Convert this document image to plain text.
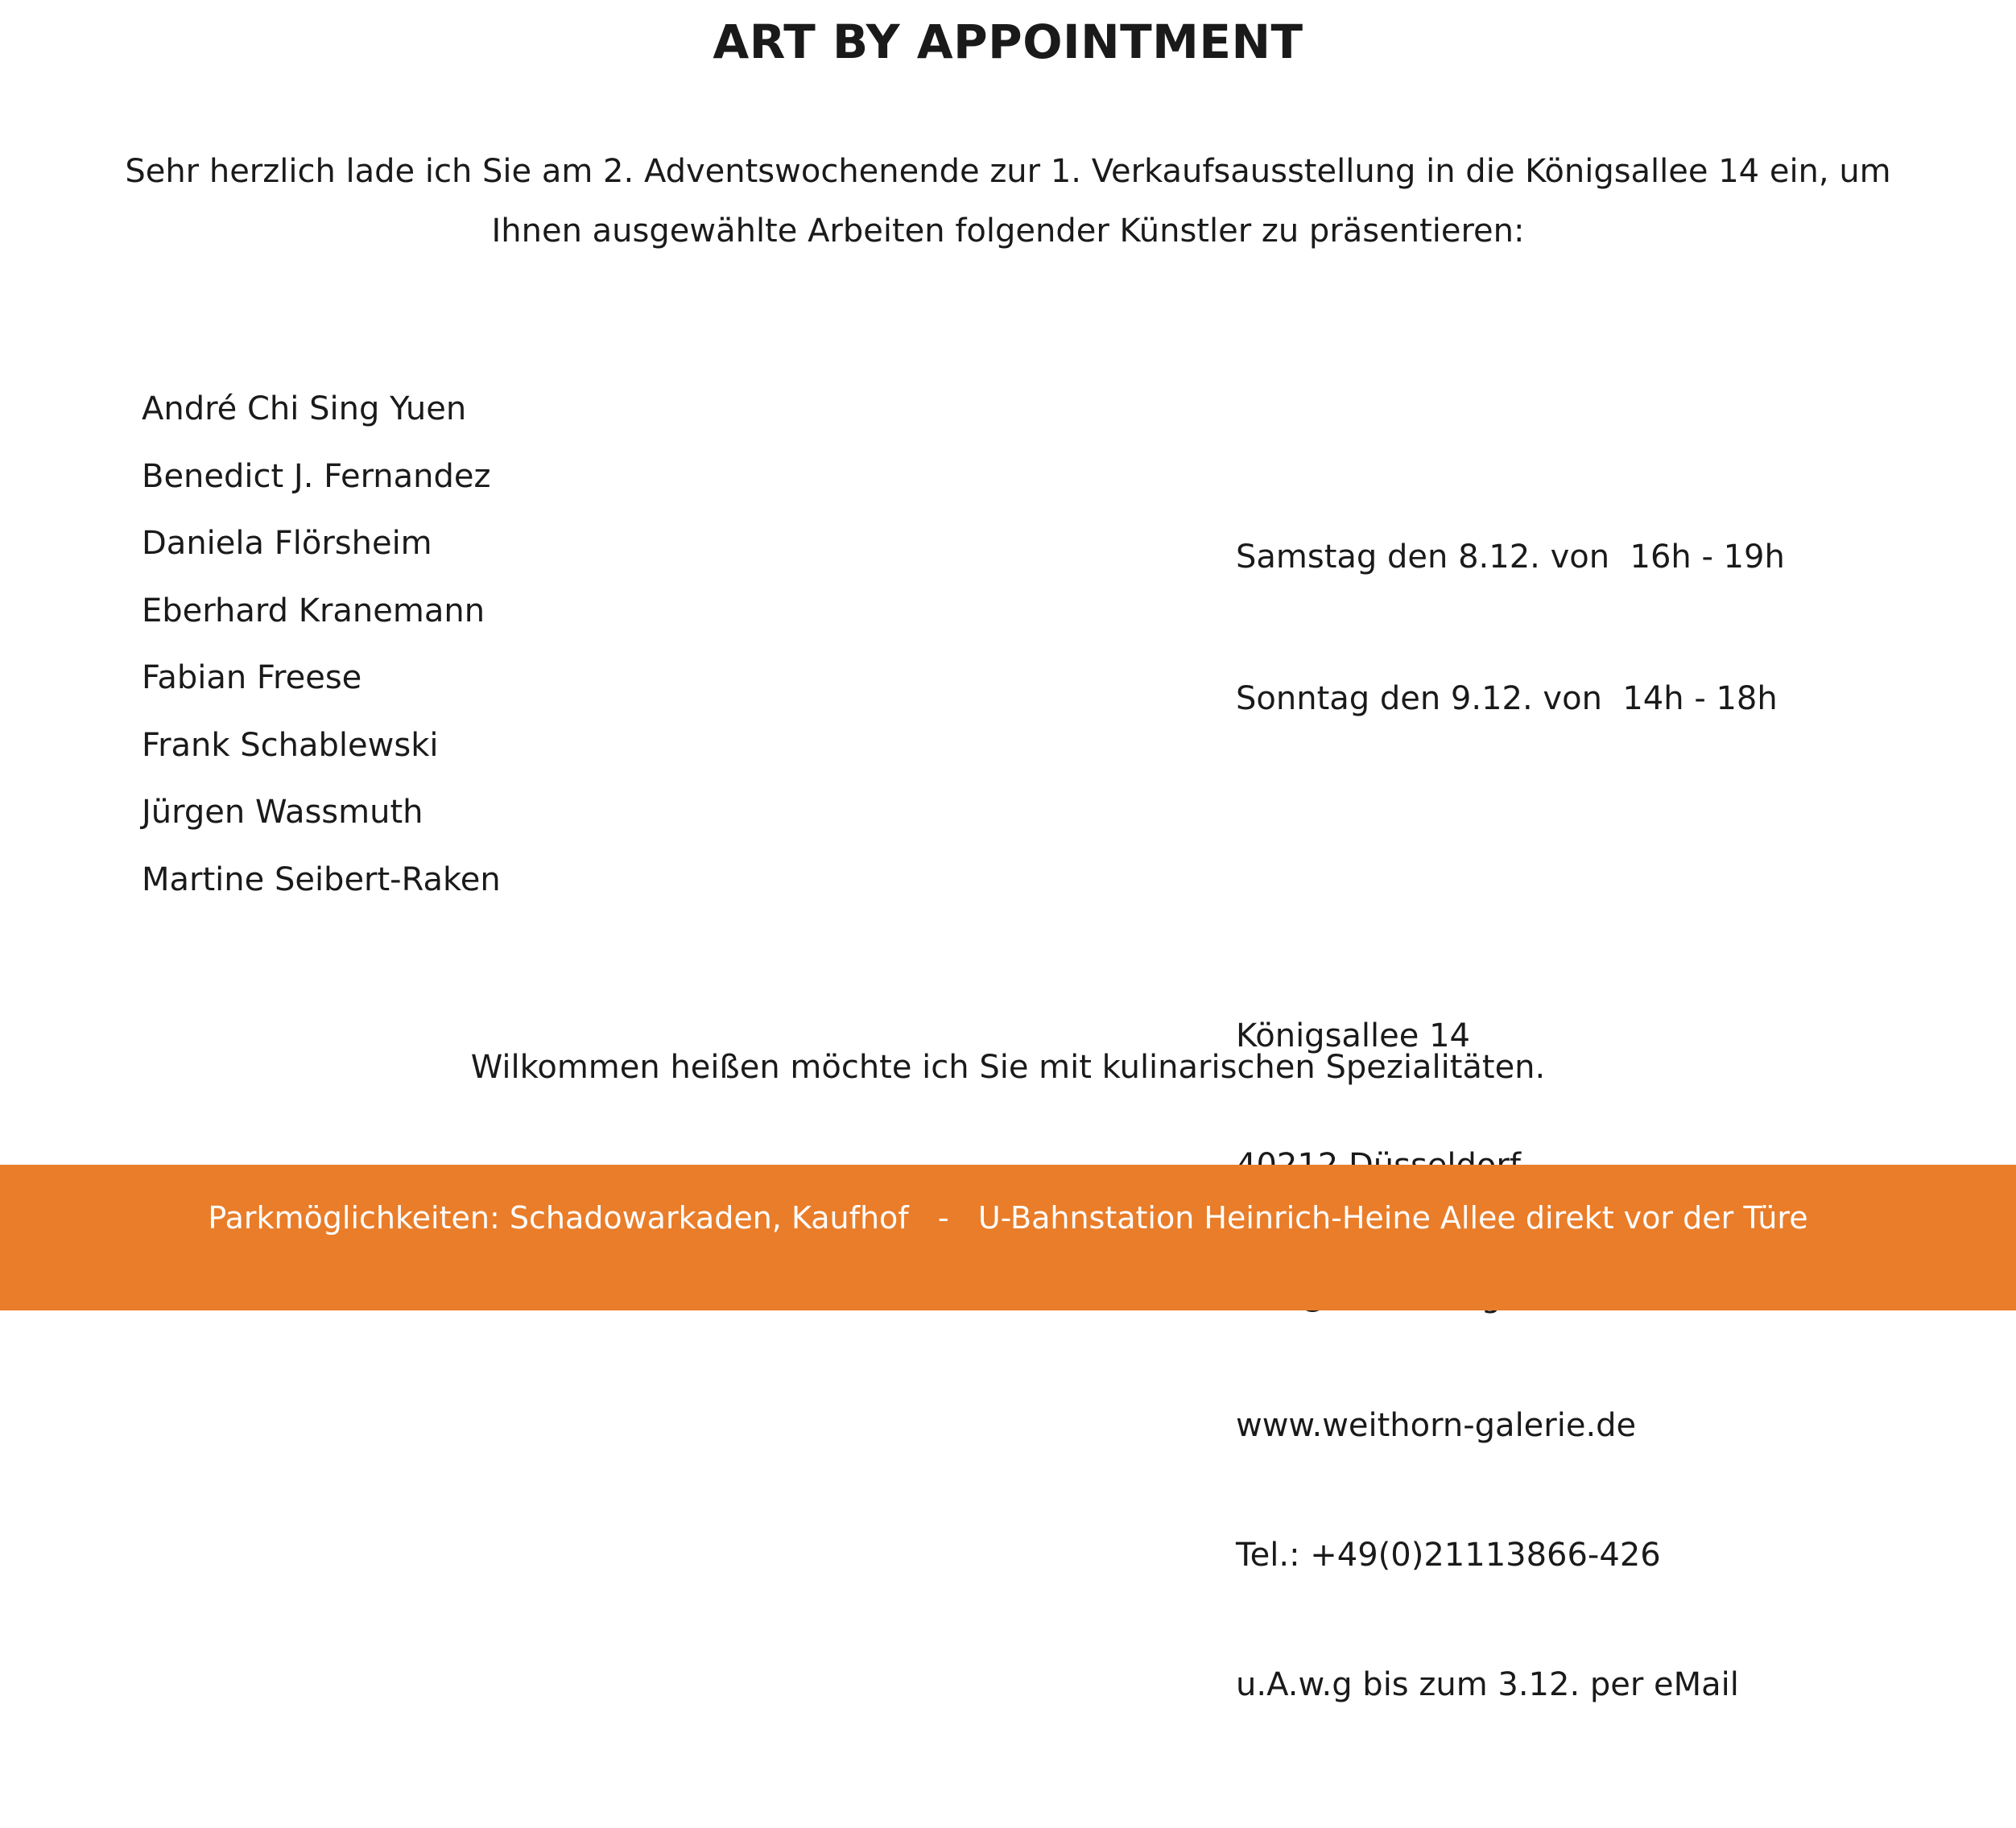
ART BY APPOINTMENT

Sehr herzlich lade ich Sie am 2. Adventswochenende zur 1. Verkaufsausstellung in die Königsallee 14 ein, um
Ihnen ausgewählte Arbeiten folgender Künstler zu präsentieren:

André Chi Sing Yuen
Benedict J. Fernandez
Daniela Flörsheim
Eberhard Kranemann
Fabian Freese
Frank Schablewski
Jürgen Wassmuth
Martine Seibert-Raken

Samstag den 8.12. von  16h - 19h

Sonntag den 9.12. von  14h - 18h

Königsallee 14

www.weithorn-galerie.de

Tel.: +49(0)21113866-426

u.A.w.g bis zum 3.12. per eMail

Wilkommen heißen möchte ich Sie mit kulinarischen Spezialitäten.

Parkmöglichkeiten: Schadowarkaden, Kaufhof   -   U-Bahnstation Heinrich-Heine Allee direkt vor der Türe
